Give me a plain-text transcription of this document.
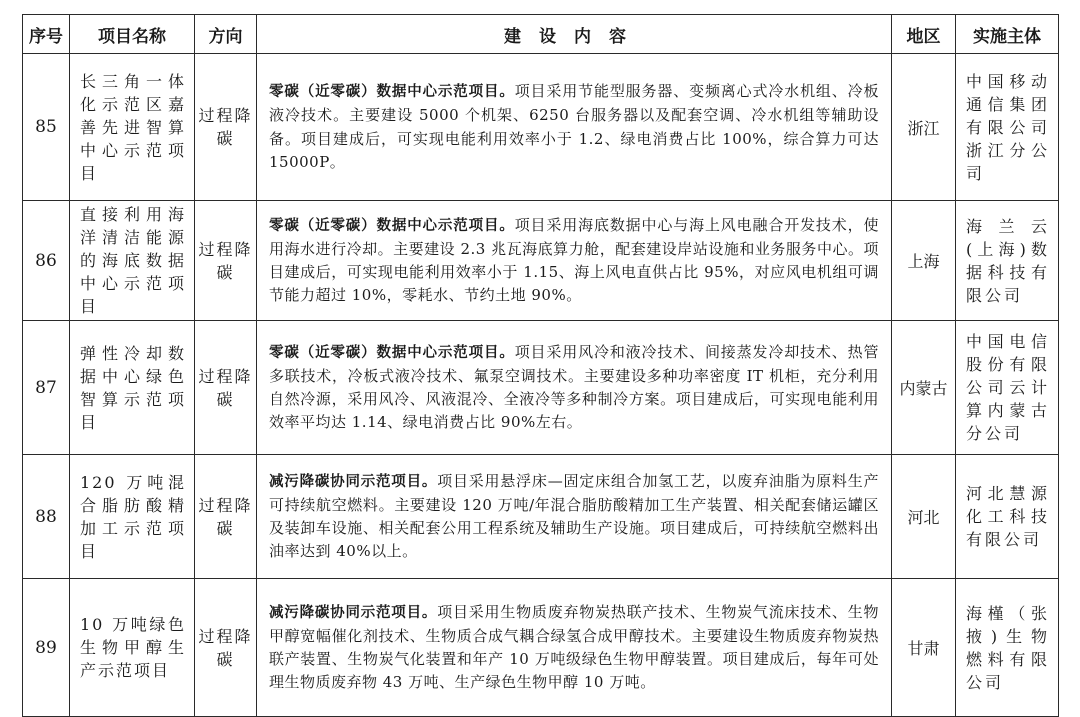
序号	项目名称	方向	建设内容	地区	实施主体
85	长三角一体化示范区嘉善先进智算中心示范项目	过程降碳	零碳（近零碳）数据中心示范项目。项目采用节能型服务器、变频离心式冷水机组、冷板液冷技术。主要建设 5000 个机架、6250 台服务器以及配套空调、冷水机组等辅助设备。项目建成后，可实现电能利用效率小于 1.2、绿电消费占比 100%，综合算力可达 15000P。	浙江	中国移动通信集团有限公司浙江分公司
86	直接利用海洋清洁能源的海底数据中心示范项目	过程降碳	零碳（近零碳）数据中心示范项目。项目采用海底数据中心与海上风电融合开发技术，使用海水进行冷却。主要建设 2.3 兆瓦海底算力舱，配套建设岸站设施和业务服务中心。项目建成后，可实现电能利用效率小于 1.15、海上风电直供占比 95%，对应风电机组可调节能力超过 10%，零耗水、节约土地 90%。	上海	海兰云(上海)数据科技有限公司
87	弹性冷却数据中心绿色智算示范项目	过程降碳	零碳（近零碳）数据中心示范项目。项目采用风冷和液冷技术、间接蒸发冷却技术、热管多联技术，冷板式液冷技术、氟泵空调技术。主要建设多种功率密度 IT 机柜，充分利用自然冷源，采用风冷、风液混冷、全液冷等多种制冷方案。项目建成后，可实现电能利用效率平均达 1.14、绿电消费占比 90%左右。	内蒙古	中国电信股份有限公司云计算内蒙古分公司
88	120 万吨混合脂肪酸精加工示范项目	过程降碳	减污降碳协同示范项目。项目采用悬浮床—固定床组合加氢工艺，以废弃油脂为原料生产可持续航空燃料。主要建设 120 万吨/年混合脂肪酸精加工生产装置、相关配套储运罐区及装卸车设施、相关配套公用工程系统及辅助生产设施。项目建成后，可持续航空燃料出油率达到 40%以上。	河北	河北慧源化工科技有限公司
89	10 万吨绿色生物甲醇生产示范项目	过程降碳	减污降碳协同示范项目。项目采用生物质废弃物炭热联产技术、生物炭气流床技术、生物甲醇宽幅催化剂技术、生物质合成气耦合绿氢合成甲醇技术。主要建设生物质废弃物炭热联产装置、生物炭气化装置和年产 10 万吨级绿色生物甲醇装置。项目建成后，每年可处理生物质废弃物 43 万吨、生产绿色生物甲醇 10 万吨。	甘肃	海槿（张掖)生物燃料有限公司
